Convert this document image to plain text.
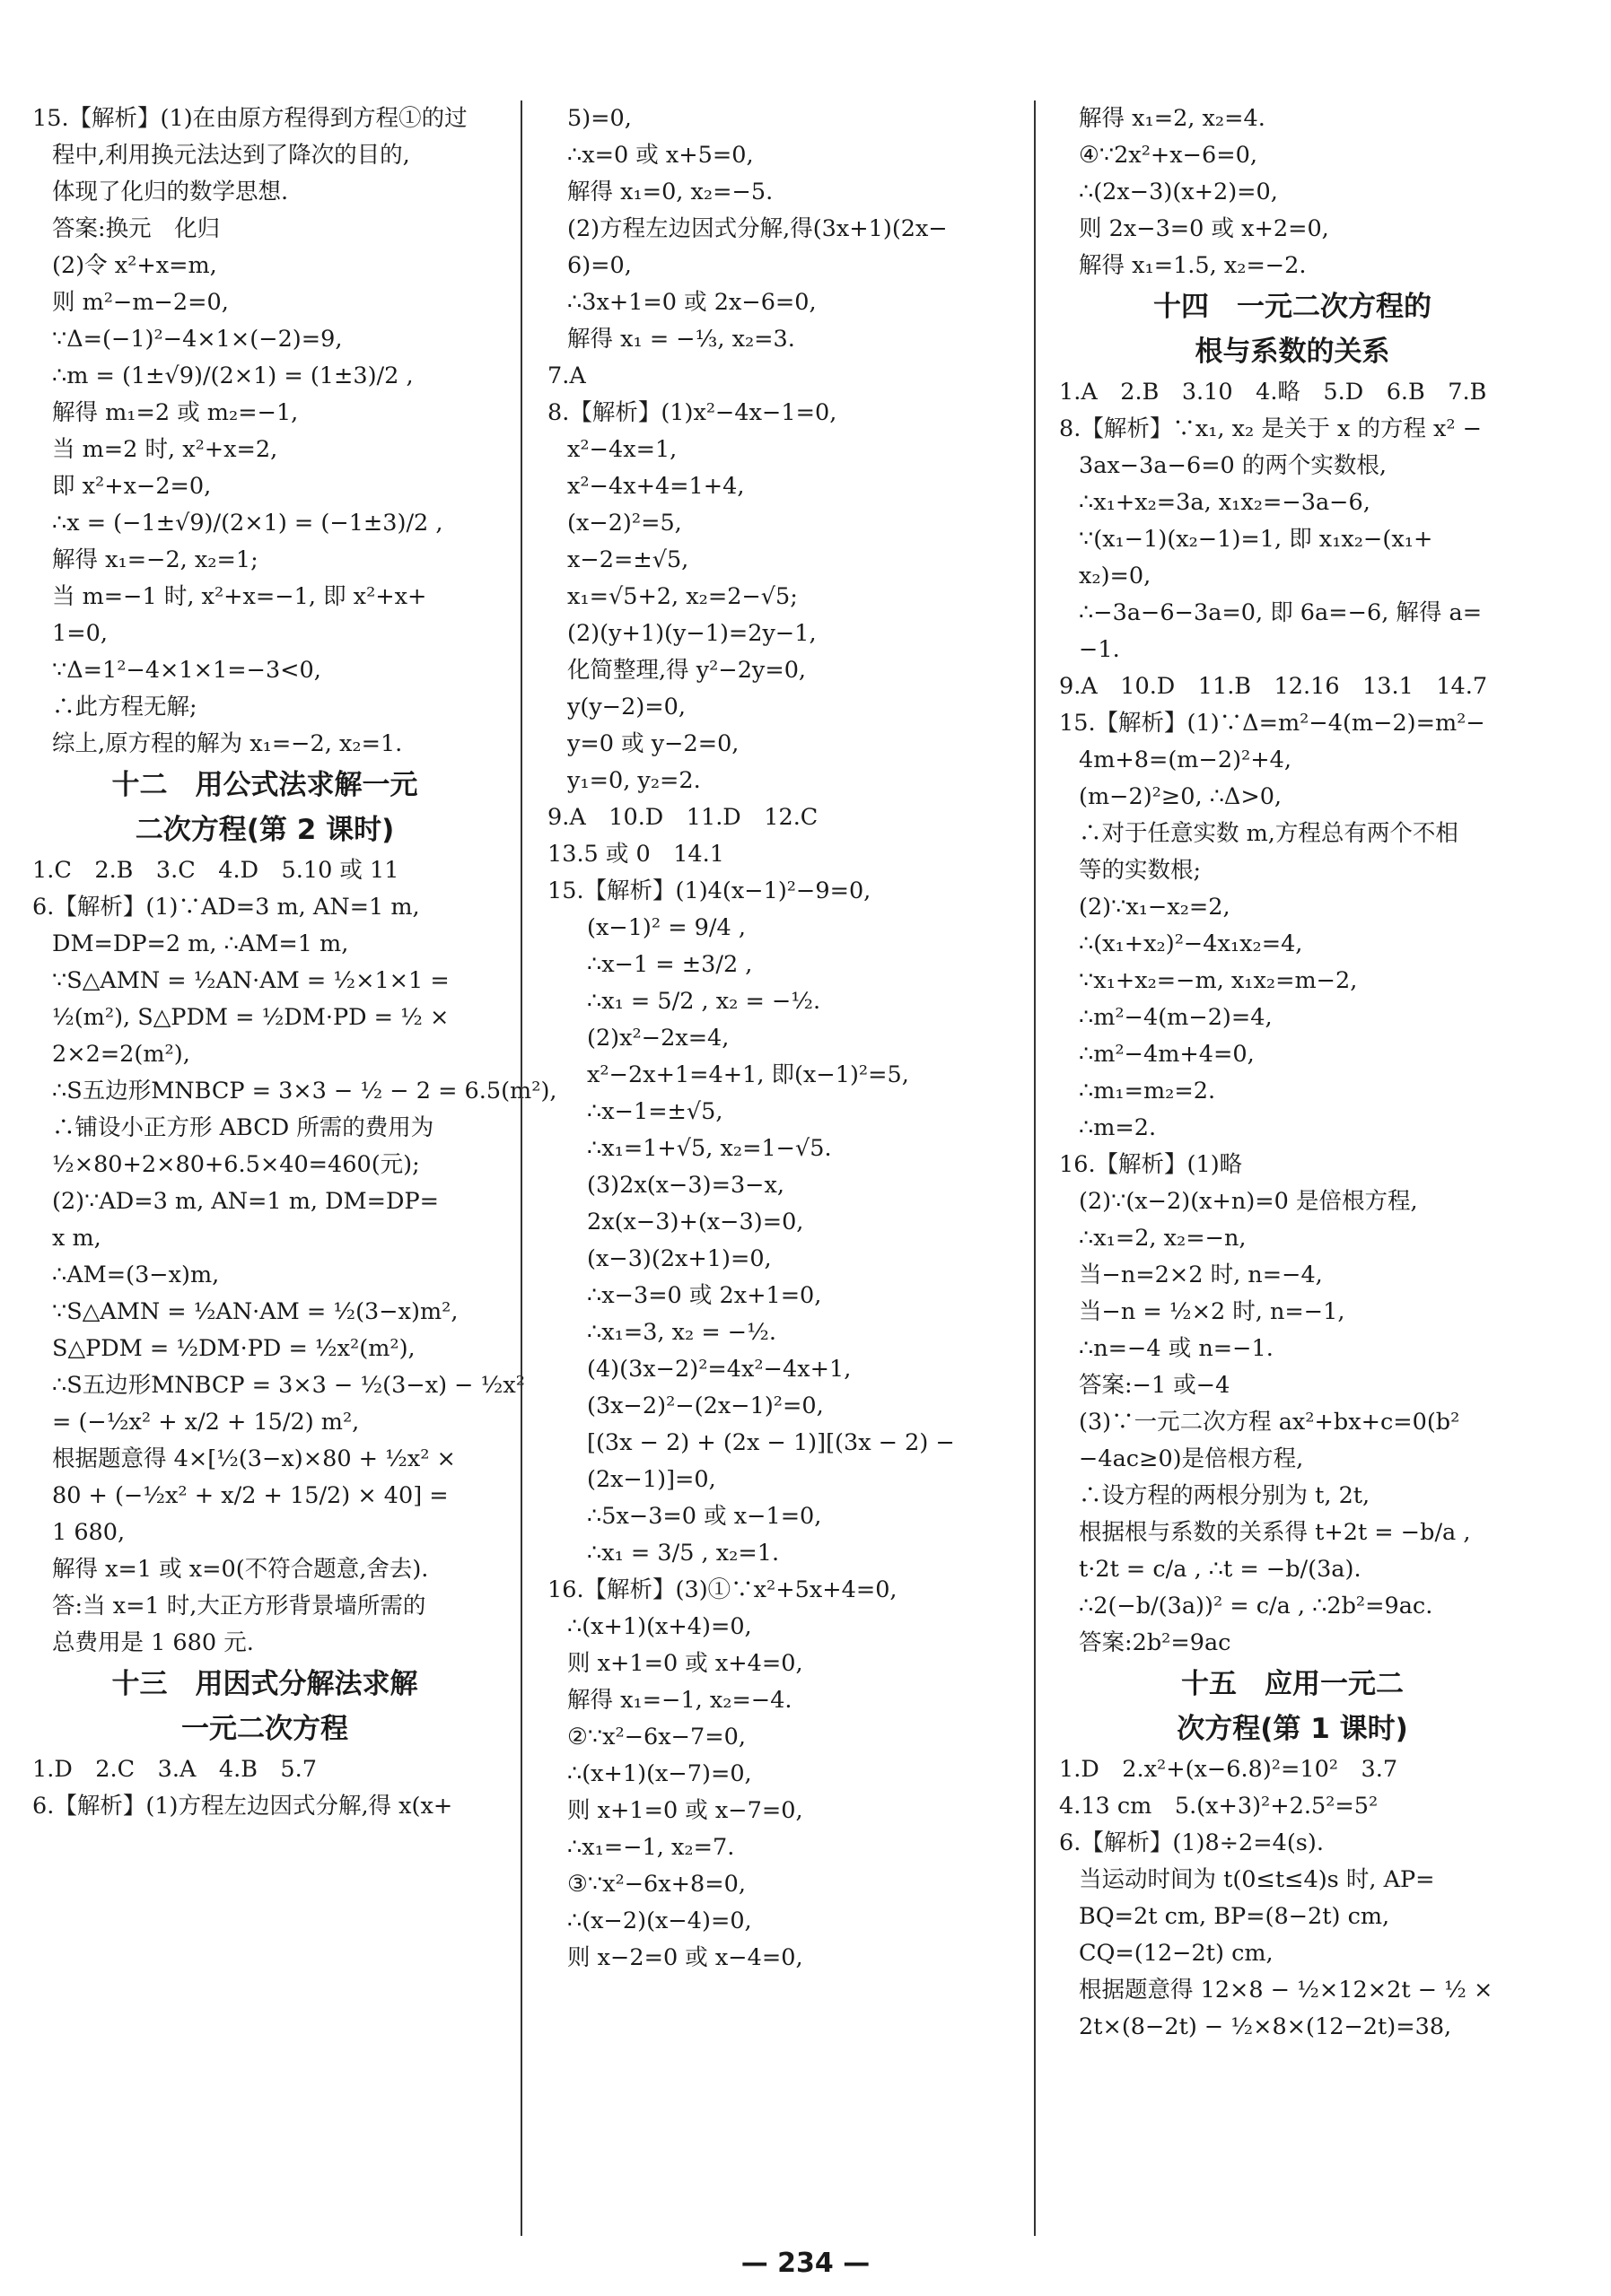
15.【解析】(1)在由原方程得到方程①的过
程中,利用换元法达到了降次的目的,
体现了化归的数学思想.
答案:换元　化归
(2)令 x²+x=m,
则 m²−m−2=0,
∵Δ=(−1)²−4×1×(−2)=9,
∴m = (1±√9)/(2×1) = (1±3)/2 ,
解得 m₁=2 或 m₂=−1,
当 m=2 时, x²+x=2,
即 x²+x−2=0,
∴x = (−1±√9)/(2×1) = (−1±3)/2 ,
解得 x₁=−2, x₂=1;
当 m=−1 时, x²+x=−1, 即 x²+x+
1=0,
∵Δ=1²−4×1×1=−3<0,
∴此方程无解;
综上,原方程的解为 x₁=−2, x₂=1.
十二　用公式法求解一元
二次方程(第 2 课时)
1.C　2.B　3.C　4.D　5.10 或 11
6.【解析】(1)∵AD=3 m, AN=1 m,
DM=DP=2 m, ∴AM=1 m,
∵S△AMN = ½AN·AM = ½×1×1 =
½(m²), S△PDM = ½DM·PD = ½ ×
2×2=2(m²),
∴S五边形MNBCP = 3×3 − ½ − 2 = 6.5(m²),
∴铺设小正方形 ABCD 所需的费用为
½×80+2×80+6.5×40=460(元);
(2)∵AD=3 m, AN=1 m, DM=DP=
x m,
∴AM=(3−x)m,
∵S△AMN = ½AN·AM = ½(3−x)m²,
S△PDM = ½DM·PD = ½x²(m²),
∴S五边形MNBCP = 3×3 − ½(3−x) − ½x²
= (−½x² + x/2 + 15/2) m²,
根据题意得 4×[½(3−x)×80 + ½x² ×
80 + (−½x² + x/2 + 15/2) × 40] =
1 680,
解得 x=1 或 x=0(不符合题意,舍去).
答:当 x=1 时,大正方形背景墙所需的
总费用是 1 680 元.
十三　用因式分解法求解
一元二次方程
1.D　2.C　3.A　4.B　5.7
6.【解析】(1)方程左边因式分解,得 x(x+
5)=0,
∴x=0 或 x+5=0,
解得 x₁=0, x₂=−5.
(2)方程左边因式分解,得(3x+1)(2x−
6)=0,
∴3x+1=0 或 2x−6=0,
解得 x₁ = −⅓, x₂=3.
7.A
8.【解析】(1)x²−4x−1=0,
x²−4x=1,
x²−4x+4=1+4,
(x−2)²=5,
x−2=±√5,
x₁=√5+2, x₂=2−√5;
(2)(y+1)(y−1)=2y−1,
化简整理,得 y²−2y=0,
y(y−2)=0,
y=0 或 y−2=0,
y₁=0, y₂=2.
9.A　10.D　11.D　12.C
13.5 或 0　14.1
15.【解析】(1)4(x−1)²−9=0,
(x−1)² = 9/4 ,
∴x−1 = ±3/2 ,
∴x₁ = 5/2 , x₂ = −½.
(2)x²−2x=4,
x²−2x+1=4+1, 即(x−1)²=5,
∴x−1=±√5,
∴x₁=1+√5, x₂=1−√5.
(3)2x(x−3)=3−x,
2x(x−3)+(x−3)=0,
(x−3)(2x+1)=0,
∴x−3=0 或 2x+1=0,
∴x₁=3, x₂ = −½.
(4)(3x−2)²=4x²−4x+1,
(3x−2)²−(2x−1)²=0,
[(3x − 2) + (2x − 1)][(3x − 2) −
(2x−1)]=0,
∴5x−3=0 或 x−1=0,
∴x₁ = 3/5 , x₂=1.
16.【解析】(3)①∵x²+5x+4=0,
∴(x+1)(x+4)=0,
则 x+1=0 或 x+4=0,
解得 x₁=−1, x₂=−4.
②∵x²−6x−7=0,
∴(x+1)(x−7)=0,
则 x+1=0 或 x−7=0,
∴x₁=−1, x₂=7.
③∵x²−6x+8=0,
∴(x−2)(x−4)=0,
则 x−2=0 或 x−4=0,
解得 x₁=2, x₂=4.
④∵2x²+x−6=0,
∴(2x−3)(x+2)=0,
则 2x−3=0 或 x+2=0,
解得 x₁=1.5, x₂=−2.
十四　一元二次方程的
根与系数的关系
1.A　2.B　3.10　4.略　5.D　6.B　7.B
8.【解析】∵x₁, x₂ 是关于 x 的方程 x² −
3ax−3a−6=0 的两个实数根,
∴x₁+x₂=3a, x₁x₂=−3a−6,
∵(x₁−1)(x₂−1)=1, 即 x₁x₂−(x₁+
x₂)=0,
∴−3a−6−3a=0, 即 6a=−6, 解得 a=
−1.
9.A　10.D　11.B　12.16　13.1　14.7
15.【解析】(1)∵Δ=m²−4(m−2)=m²−
4m+8=(m−2)²+4,
(m−2)²≥0, ∴Δ>0,
∴对于任意实数 m,方程总有两个不相
等的实数根;
(2)∵x₁−x₂=2,
∴(x₁+x₂)²−4x₁x₂=4,
∵x₁+x₂=−m, x₁x₂=m−2,
∴m²−4(m−2)=4,
∴m²−4m+4=0,
∴m₁=m₂=2.
∴m=2.
16.【解析】(1)略
(2)∵(x−2)(x+n)=0 是倍根方程,
∴x₁=2, x₂=−n,
当−n=2×2 时, n=−4,
当−n = ½×2 时, n=−1,
∴n=−4 或 n=−1.
答案:−1 或−4
(3)∵一元二次方程 ax²+bx+c=0(b²
−4ac≥0)是倍根方程,
∴设方程的两根分别为 t, 2t,
根据根与系数的关系得 t+2t = −b/a ,
t·2t = c/a , ∴t = −b/(3a).
∴2(−b/(3a))² = c/a , ∴2b²=9ac.
答案:2b²=9ac
十五　应用一元二
次方程(第 1 课时)
1.D　2.x²+(x−6.8)²=10²　3.7
4.13 cm　5.(x+3)²+2.5²=5²
6.【解析】(1)8÷2=4(s).
当运动时间为 t(0≤t≤4)s 时, AP=
BQ=2t cm, BP=(8−2t) cm,
CQ=(12−2t) cm,
根据题意得 12×8 − ½×12×2t − ½ ×
2t×(8−2t) − ½×8×(12−2t)=38,
— 234 —
